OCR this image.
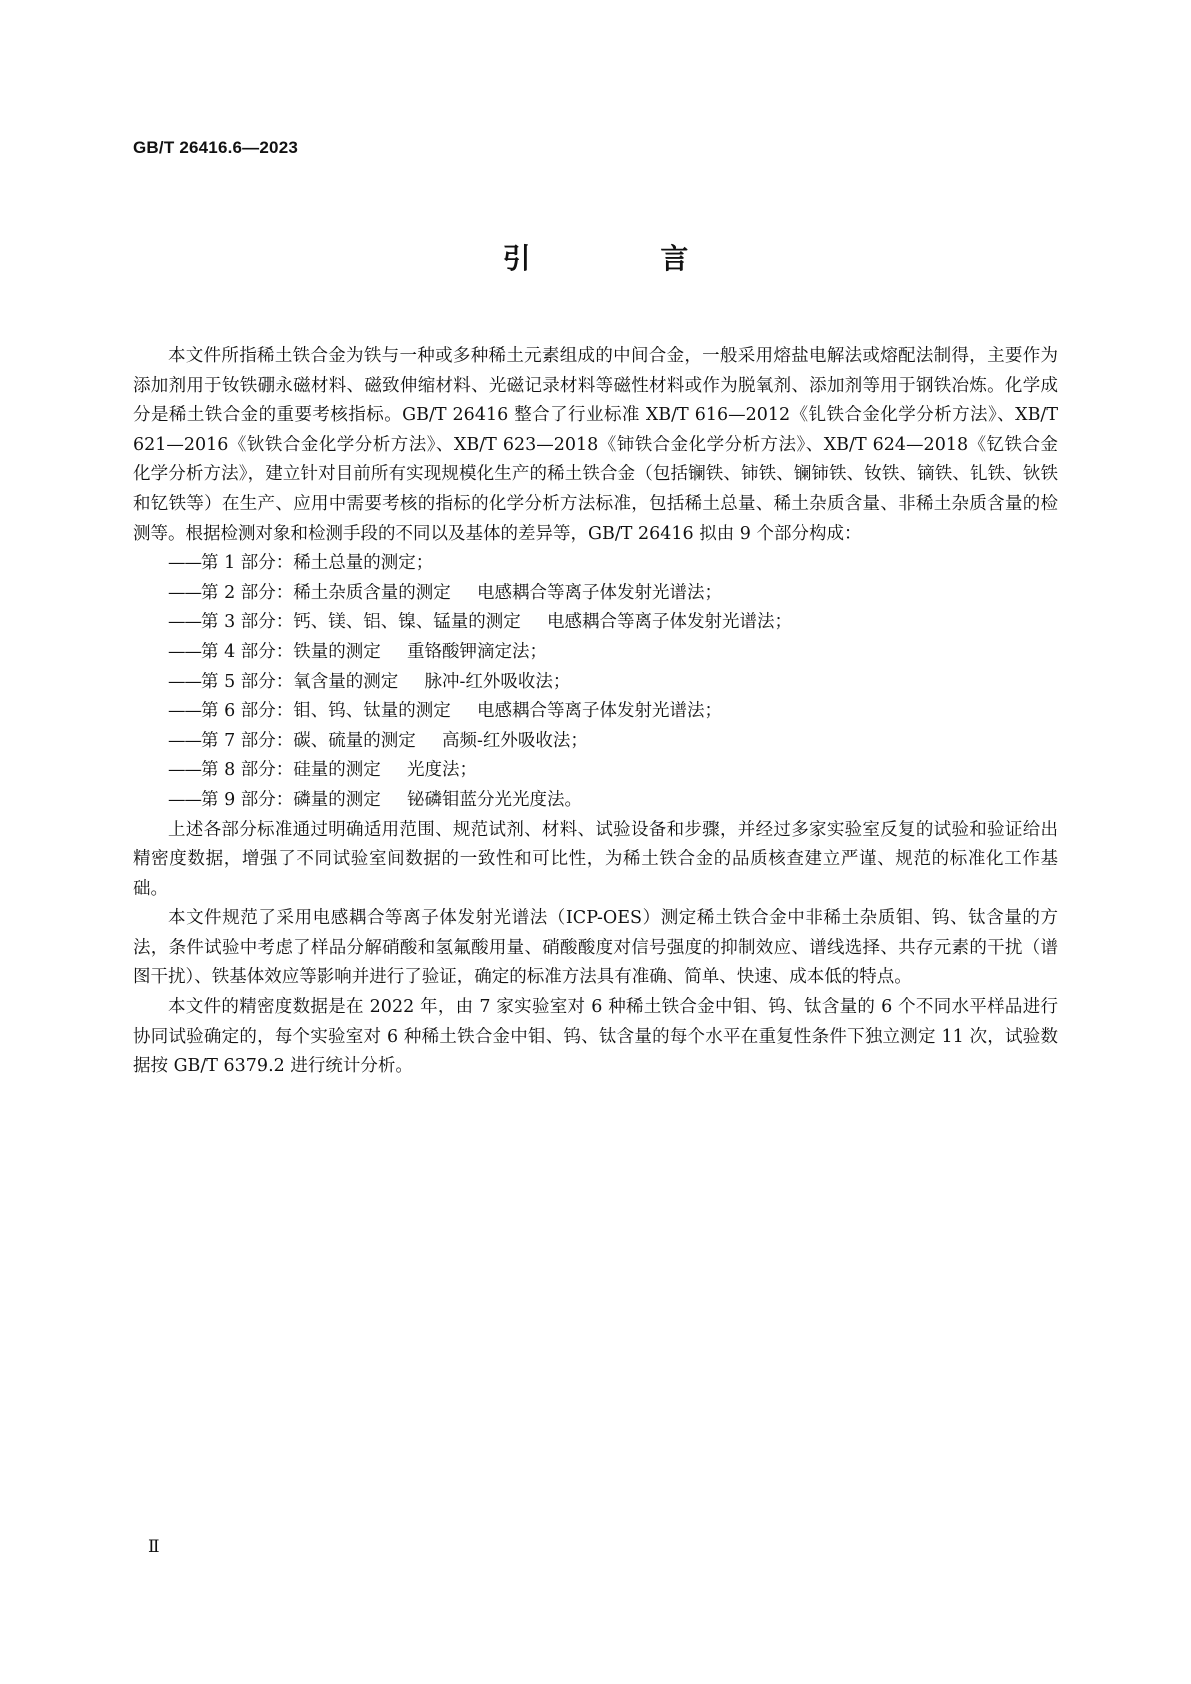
GB/T 26416.6—2023
引 言

本文件所指稀土铁合金为铁与一种或多种稀土元素组成的中间合金，一般采用熔盐电解法或熔配法制得，主要作为添加剂用于钕铁硼永磁材料、磁致伸缩材料、光磁记录材料等磁性材料或作为脱氧剂、添加剂等用于钢铁冶炼。化学成分是稀土铁合金的重要考核指标。GB/T 26416 整合了行业标准 XB/T 616—2012《钆铁合金化学分析方法》、XB/T 621—2016《钬铁合金化学分析方法》、XB/T 623—2018《铈铁合金化学分析方法》、XB/T 624—2018《钇铁合金化学分析方法》，建立针对目前所有实现规模化生产的稀土铁合金（包括镧铁、铈铁、镧铈铁、钕铁、镝铁、钆铁、钬铁和钇铁等）在生产、应用中需要考核的指标的化学分析方法标准，包括稀土总量、稀土杂质含量、非稀土杂质含量的检测等。根据检测对象和检测手段的不同以及基体的差异等，GB/T 26416 拟由 9 个部分构成：

——第 1 部分：稀土总量的测定；
——第 2 部分：稀土杂质含量的测定 电感耦合等离子体发射光谱法；
——第 3 部分：钙、镁、铝、镍、锰量的测定 电感耦合等离子体发射光谱法；
——第 4 部分：铁量的测定 重铬酸钾滴定法；
——第 5 部分：氧含量的测定 脉冲-红外吸收法；
——第 6 部分：钼、钨、钛量的测定 电感耦合等离子体发射光谱法；
——第 7 部分：碳、硫量的测定 高频-红外吸收法；
——第 8 部分：硅量的测定 光度法；
——第 9 部分：磷量的测定 铋磷钼蓝分光光度法。

上述各部分标准通过明确适用范围、规范试剂、材料、试验设备和步骤，并经过多家实验室反复的试验和验证给出精密度数据，增强了不同试验室间数据的一致性和可比性，为稀土铁合金的品质核查建立严谨、规范的标准化工作基础。

本文件规范了采用电感耦合等离子体发射光谱法（ICP-OES）测定稀土铁合金中非稀土杂质钼、钨、钛含量的方法，条件试验中考虑了样品分解硝酸和氢氟酸用量、硝酸酸度对信号强度的抑制效应、谱线选择、共存元素的干扰（谱图干扰）、铁基体效应等影响并进行了验证，确定的标准方法具有准确、简单、快速、成本低的特点。

本文件的精密度数据是在 2022 年，由 7 家实验室对 6 种稀土铁合金中钼、钨、钛含量的 6 个不同水平样品进行协同试验确定的，每个实验室对 6 种稀土铁合金中钼、钨、钛含量的每个水平在重复性条件下独立测定 11 次，试验数据按 GB/T 6379.2 进行统计分析。

Ⅱ
